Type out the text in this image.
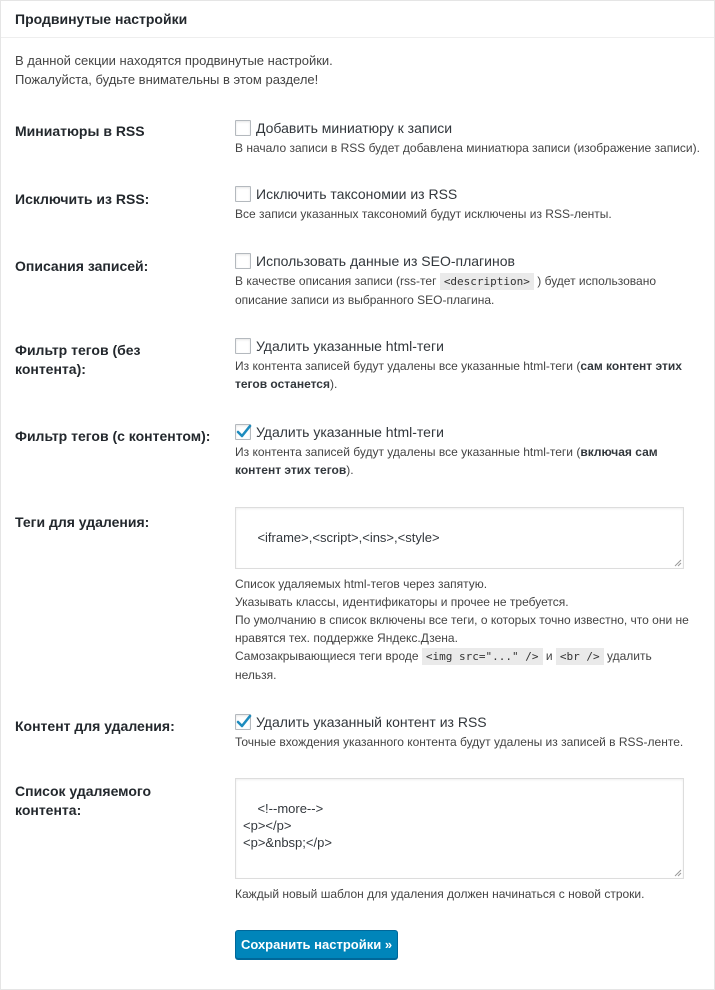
Продвинутые настройки
В данной секции находятся продвинутые настройки.
Пожалуйста, будьте внимательны в этом разделе!
Миниатюры в RSS	Добавить миниатюру к записи
В начало записи в RSS будет добавлена миниатюра записи (изображение записи).
Исключить из RSS:	Исключить таксономии из RSS
Все записи указанных таксономий будут исключены из RSS-ленты.
Описания записей:	Использовать данные из SEO-плагинов
В качестве описания записи (rss-тег <description> ) будет использовано
описание записи из выбранного SEO-плагина.
Фильтр тегов (без
контента):
Удалить указанные html-теги
Из контента записей будут удалены все указанные html-теги (сам контент этих
тегов останется).
Фильтр тегов (с контентом):	Удалить указанные html-теги
Из контента записей будут удалены все указанные html-теги (включая сам
контент этих тегов).
Теги для удаления:

<iframe>,<script>,<ins>,<style>

Список удаляемых html-тегов через запятую.
Указывать классы, идентификаторы и прочее не требуется.
По умолчанию в список включены все теги, о которых точно известно, что они не
нравятся тех. поддержке Яндекс.Дзена.
Самозакрывающиеся теги вроде <img src="..." /> и <br /> удалить
нельзя.
Контент для удаления:	Удалить указанный контент из RSS
Точные вхождения указанного контента будут удалены из записей в RSS-ленте.
Список удаляемого
контента:	<!--more-->
<p></p>
<p>&nbsp;</p>

Каждый новый шаблон для удаления должен начинаться с новой строки.
Сохранить настройки »
